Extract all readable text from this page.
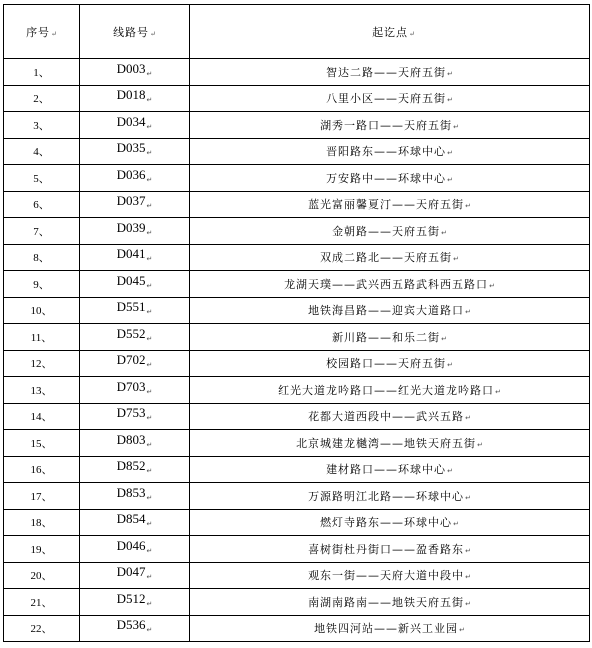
序号↵	线路号↵	起讫点↵
1、	D003↵	智达二路——天府五街↵
2、	D018↵	八里小区——天府五街↵
3、	D034↵	湖秀一路口——天府五街↵
4、	D035↵	晋阳路东——环球中心↵
5、	D036↵	万安路中——环球中心↵
6、	D037↵	蓝光富丽馨夏汀——天府五街↵
7、	D039↵	金朝路——天府五街↵
8、	D041↵	双成二路北——天府五街↵
9、	D045↵	龙湖天璞——武兴西五路武科西五路口↵
10、	D551↵	地铁海昌路——迎宾大道路口↵
11、	D552↵	新川路——和乐二街↵
12、	D702↵	校园路口——天府五街↵
13、	D703↵	红光大道龙吟路口——红光大道龙吟路口↵
14、	D753↵	花都大道西段中——武兴五路↵
15、	D803↵	北京城建龙樾湾——地铁天府五街↵
16、	D852↵	建材路口——环球中心↵
17、	D853↵	万源路明江北路——环球中心↵
18、	D854↵	燃灯寺路东——环球中心↵
19、	D046↵	喜树街杜丹街口——盈香路东↵
20、	D047↵	观东一街——天府大道中段中↵
21、	D512↵	南湖南路南——地铁天府五街↵
22、	D536↵	地铁四河站——新兴工业园↵
